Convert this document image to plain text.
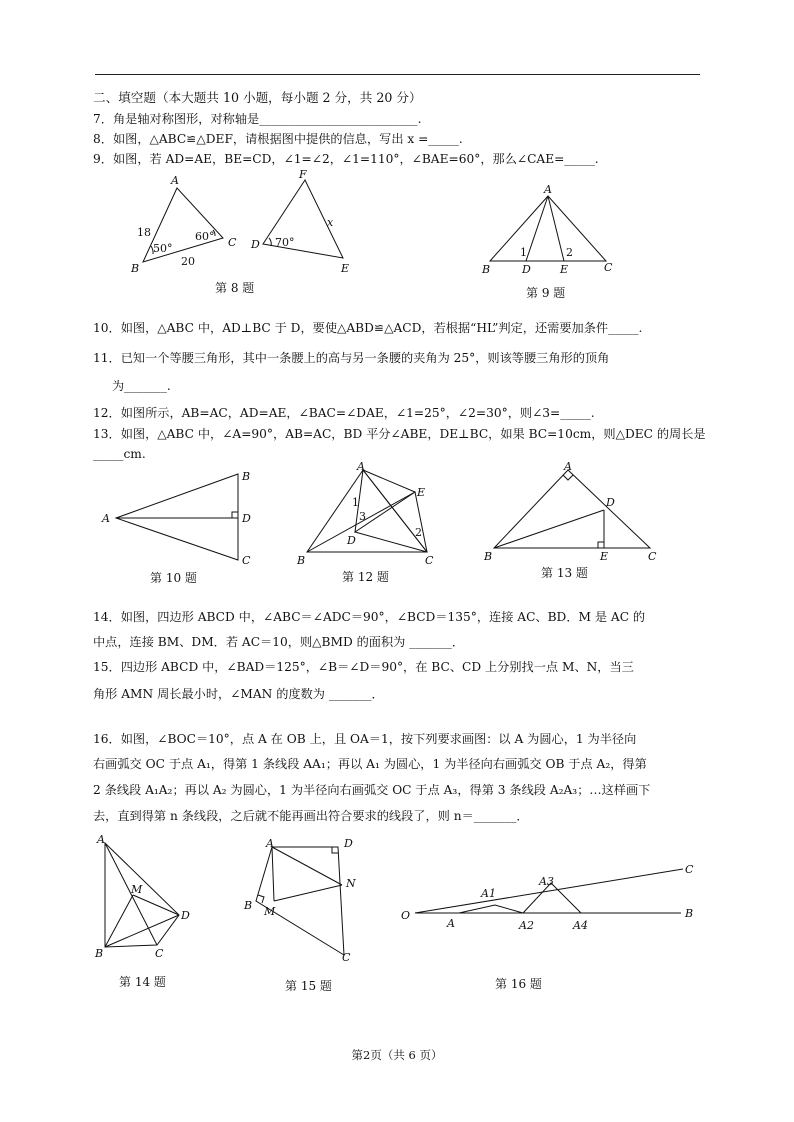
二、填空题（本大题共 10 小题，每小题 2 分，共 20 分）
7．角是轴对称图形，对称轴是__________________________.
8．如图，△ABC≌△DEF，请根据图中提供的信息，写出 x =_____.
9．如图，若 AD=AE，BE=CD，∠1=∠2，∠1=110°，∠BAE=60°，那么∠CAE=_____.
A
B
C
18
20
50°
60°
F
D
E
x
70°
第 8 题
A
B	D	E	C
1	2
第 9 题
10．如图，△ABC 中，AD⊥BC 于 D，要使△ABD≌△ACD，若根据“HL”判定，还需要加条件_____.
11．已知一个等腰三角形，其中一条腰上的高与另一条腰的夹角为 25°，则该等腰三角形的顶角
为_______.
12．如图所示，AB=AC，AD=AE，∠BAC=∠DAE，∠1=25°，∠2=30°，则∠3=_____.
13．如图，△ABC 中，∠A=90°，AB=AC，BD 平分∠ABE，DE⊥BC，如果 BC=10cm，则△DEC 的周长是
_____cm.
A
B
D
C
第 10 题
A
B	C
D
E
1
3
2
第 12 题
A
B	C
D
E
第 13 题
14．如图，四边形 ABCD 中，∠ABC＝∠ADC＝90°，∠BCD＝135°，连接 AC、BD．M 是 AC 的
中点，连接 BM、DM．若 AC＝10，则△BMD 的面积为 _______．
15．四边形 ABCD 中，∠BAD＝125°，∠B＝∠D＝90°，在 BC、CD 上分别找一点 M、N，当三
角形 AMN 周长最小时，∠MAN 的度数为 _______．
16．如图，∠BOC＝10°，点 A 在 OB 上，且 OA＝1，按下列要求画图：以 A 为圆心，1 为半径向
右画弧交 OC 于点 A₁，得第 1 条线段 AA₁；再以 A₁ 为圆心，1 为半径向右画弧交 OB 于点 A₂，得第
2 条线段 A₁A₂；再以 A₂ 为圆心，1 为半径向右画弧交 OC 于点 A₃，得第 3 条线段 A₂A₃；…这样画下
去，直到得第 n 条线段，之后就不能再画出符合要求的线段了，则 n＝_______．
A
B	C
D
M
第 14 题
A
B
D
N
M
C
第 15 题
O
A
A1
A2
A3
A4
B
C
第 16 题
第2页（共 6 页）
